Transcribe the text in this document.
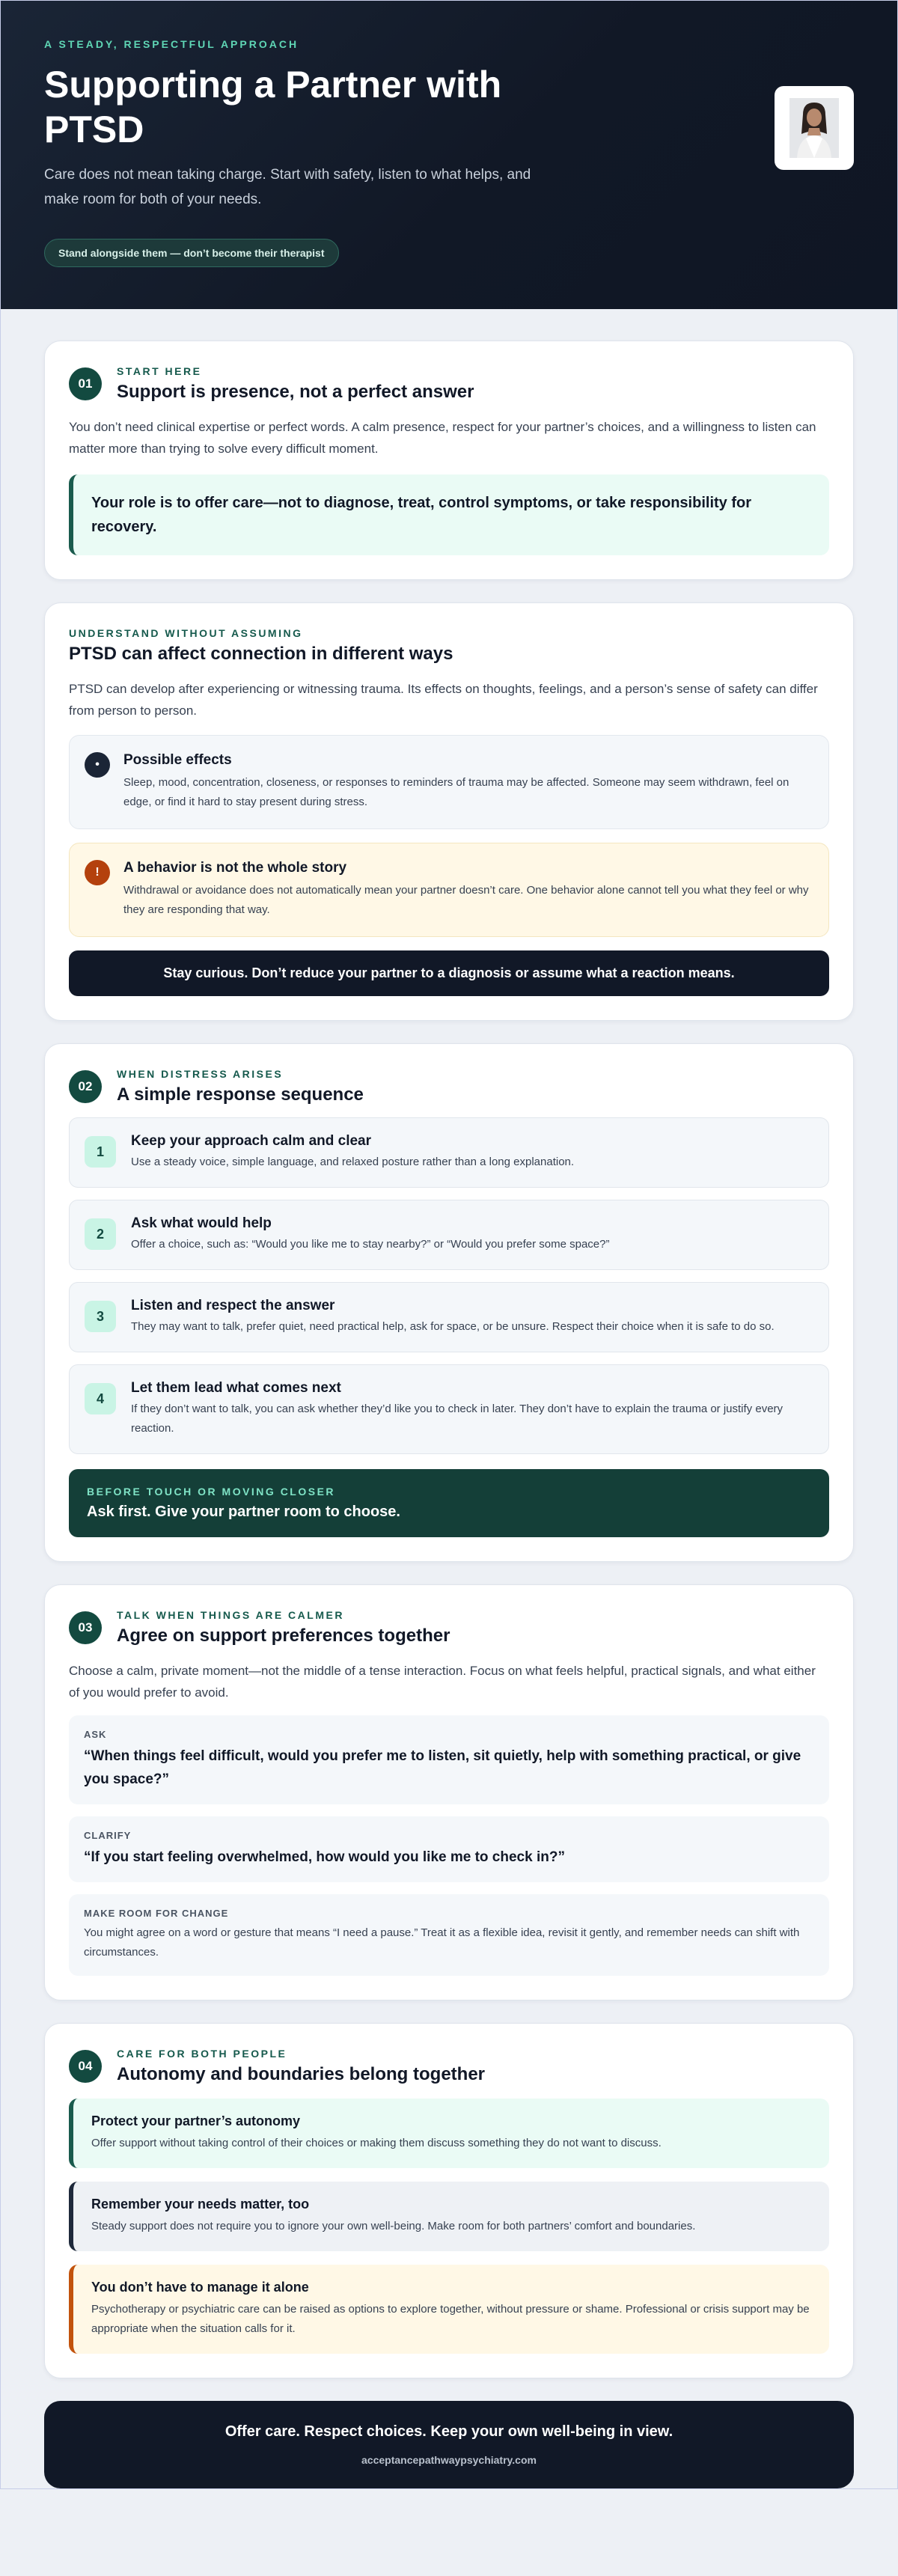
A STEADY, RESPECTFUL APPROACH
Supporting a Partner with PTSD

Care does not mean taking charge. Start with safety, listen to what helps, and make room for both of your needs.

Stand alongside them — don’t become their therapist
01
START HERE
Support is presence, not a perfect answer

You don’t need clinical expertise or perfect words. A calm presence, respect for your partner’s choices, and a willingness to listen can matter more than trying to solve every difficult moment.

Your role is to offer care—not to diagnose, treat, control symptoms, or take responsibility for recovery.
UNDERSTAND WITHOUT ASSUMING
PTSD can affect connection in different ways

PTSD can develop after experiencing or witnessing trauma. Its effects on thoughts, feelings, and a person’s sense of safety can differ from person to person.

•	Possible effects
Sleep, mood, concentration, closeness, or responses to reminders of trauma may be affected. Someone may seem withdrawn, feel on edge, or find it hard to stay present during stress.
!	A behavior is not the whole story
Withdrawal or avoidance does not automatically mean your partner doesn’t care. One behavior alone cannot tell you what they feel or why they are responding that way.
Stay curious. Don’t reduce your partner to a diagnosis or assume what a reaction means.
02
WHEN DISTRESS ARISES
A simple response sequence
1
Keep your approach calm and clear
Use a steady voice, simple language, and relaxed posture rather than a long explanation.
2
Ask what would help
Offer a choice, such as: “Would you like me to stay nearby?” or “Would you prefer some space?”
3
Listen and respect the answer
They may want to talk, prefer quiet, need practical help, ask for space, or be unsure. Respect their choice when it is safe to do so.
4
Let them lead what comes next
If they don’t want to talk, you can ask whether they’d like you to check in later. They don’t have to explain the trauma or justify every reaction.
BEFORE TOUCH OR MOVING CLOSER
Ask first. Give your partner room to choose.
03
TALK WHEN THINGS ARE CALMER
Agree on support preferences together

Choose a calm, private moment—not the middle of a tense interaction. Focus on what feels helpful, practical signals, and what either of you would prefer to avoid.

ASK
“When things feel difficult, would you prefer me to listen, sit quietly, help with something practical, or give you space?”
CLARIFY
“If you start feeling overwhelmed, how would you like me to check in?”
MAKE ROOM FOR CHANGE
You might agree on a word or gesture that means “I need a pause.” Treat it as a flexible idea, revisit it gently, and remember needs can shift with circumstances.
04
CARE FOR BOTH PEOPLE
Autonomy and boundaries belong together
Protect your partner’s autonomy
Offer support without taking control of their choices or making them discuss something they do not want to discuss.
Remember your needs matter, too
Steady support does not require you to ignore your own well-being. Make room for both partners’ comfort and boundaries.
You don’t have to manage it alone
Psychotherapy or psychiatric care can be raised as options to explore together, without pressure or shame. Professional or crisis support may be appropriate when the situation calls for it.
Offer care. Respect choices. Keep your own well-being in view.
acceptancepathwaypsychiatry.com
